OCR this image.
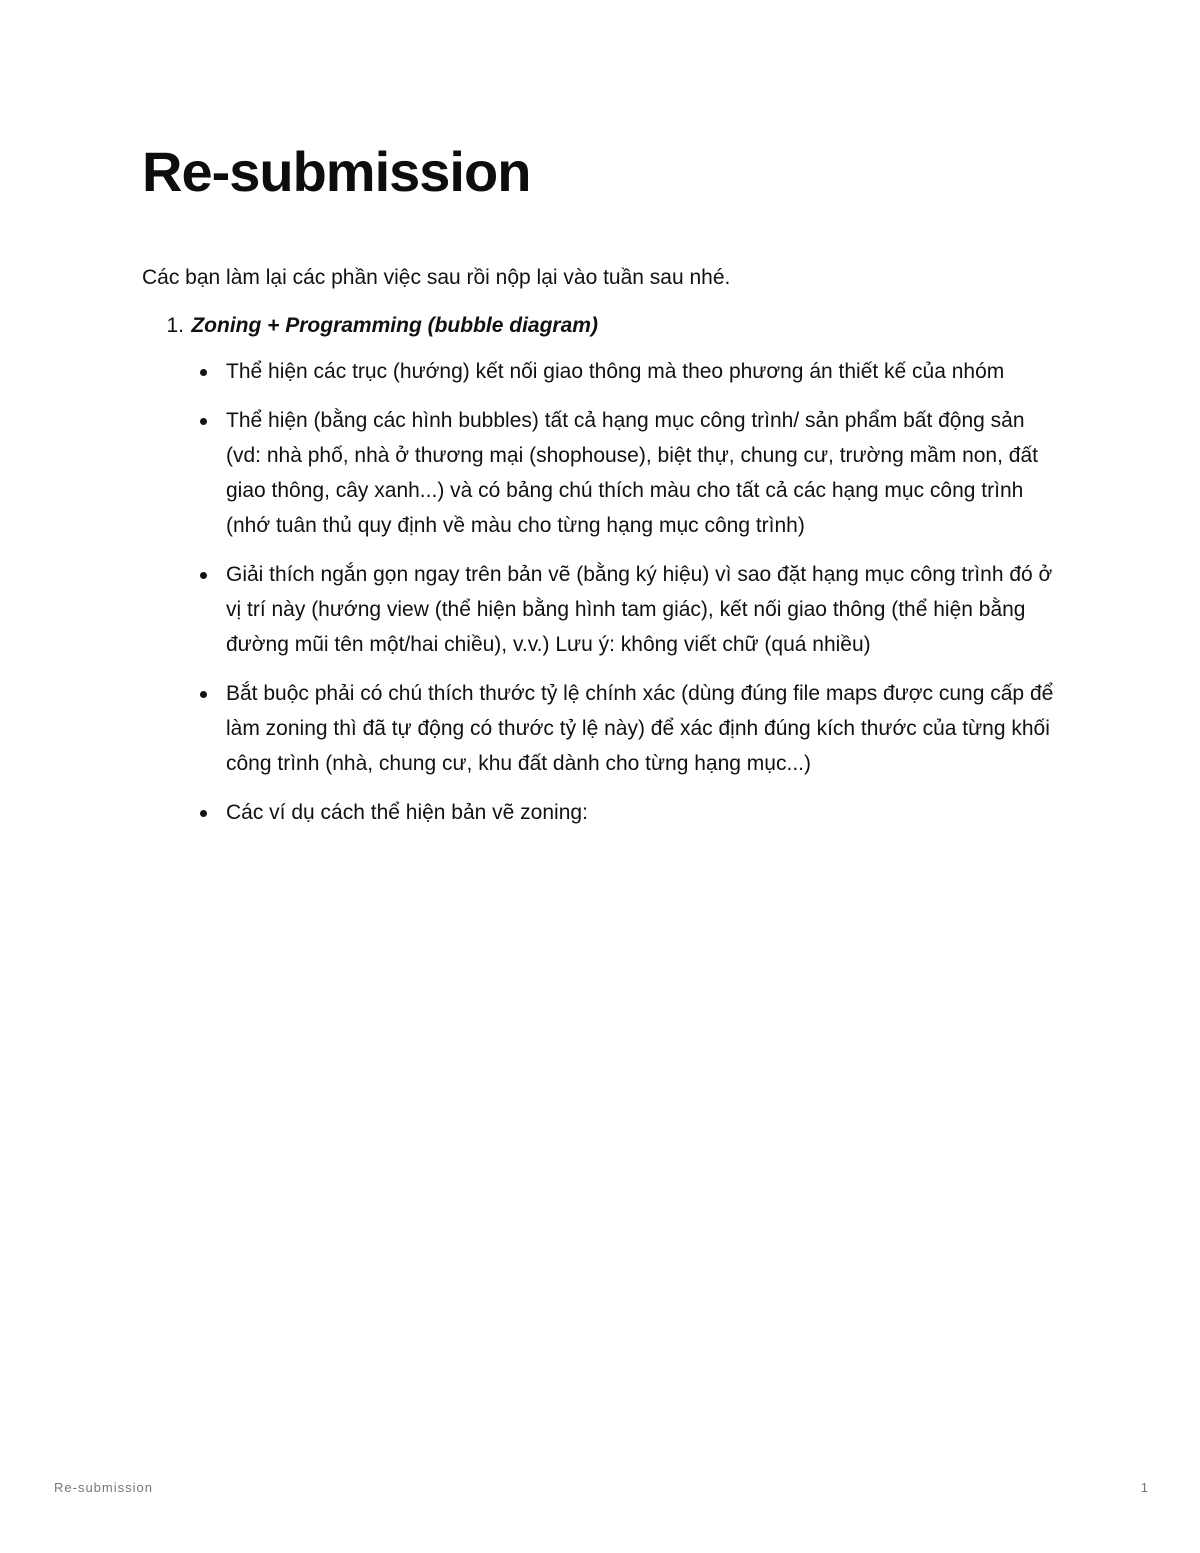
Re-submission

Các bạn làm lại các phần việc sau rồi nộp lại vào tuần sau nhé.

1. Zoning + Programming (bubble diagram)
Thể hiện các trục (hướng) kết nối giao thông mà theo phương án thiết kế của nhóm
Thể hiện (bằng các hình bubbles) tất cả hạng mục công trình/ sản phẩm bất động sản (vd: nhà phố, nhà ở thương mại (shophouse), biệt thự, chung cư, trường mầm non, đất giao thông, cây xanh...) và có bảng chú thích màu cho tất cả các hạng mục công trình (nhớ tuân thủ quy định về màu cho từng hạng mục công trình)
Giải thích ngắn gọn ngay trên bản vẽ (bằng ký hiệu) vì sao đặt hạng mục công trình đó ở vị trí này (hướng view (thể hiện bằng hình tam giác), kết nối giao thông (thể hiện bằng đường mũi tên một/hai chiều), v.v.) Lưu ý: không viết chữ (quá nhiều)
Bắt buộc phải có chú thích thước tỷ lệ chính xác (dùng đúng file maps được cung cấp để làm zoning thì đã tự động có thước tỷ lệ này) để xác định đúng kích thước của từng khối công trình (nhà, chung cư, khu đất dành cho từng hạng mục...)
Các ví dụ cách thể hiện bản vẽ zoning:
Re-submission	1
